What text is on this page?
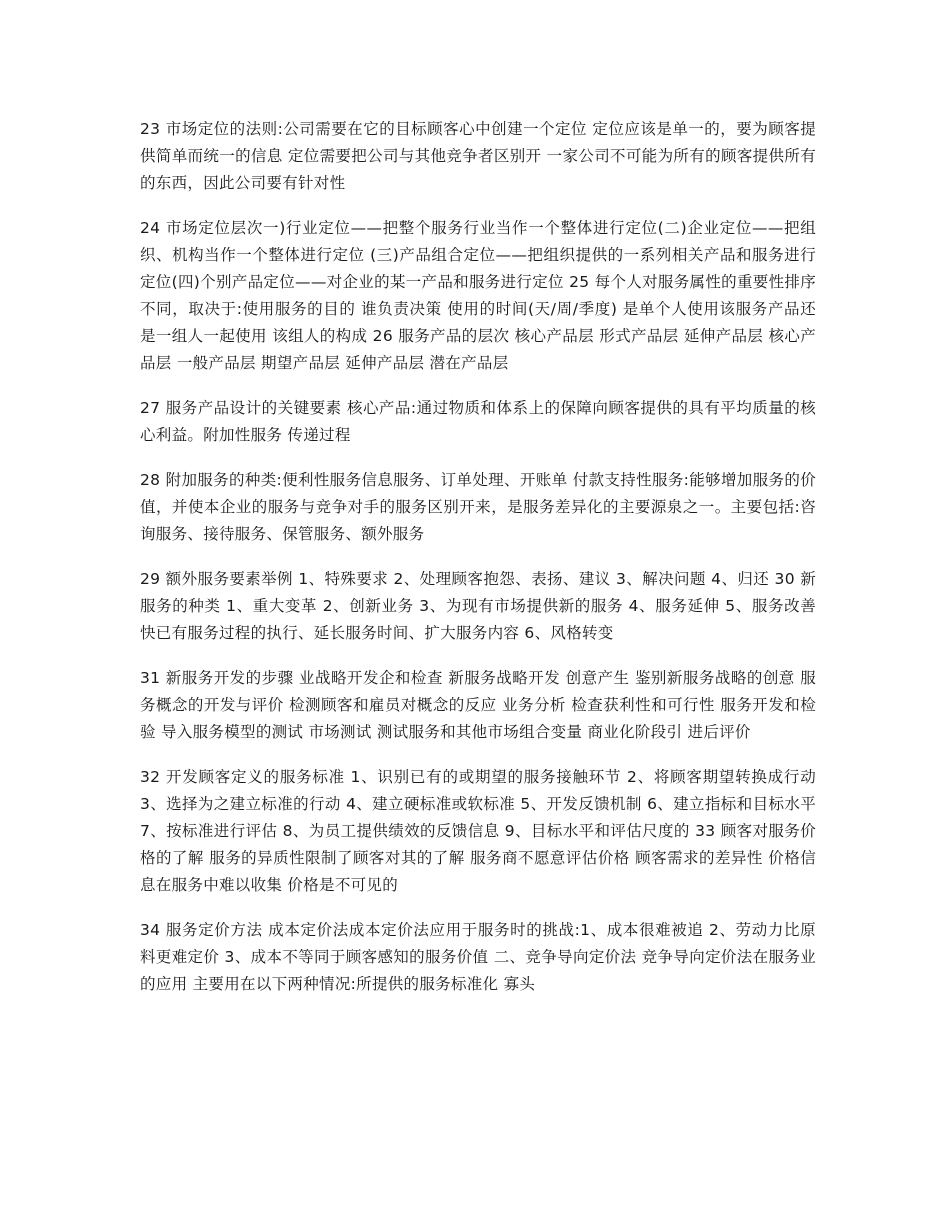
23 市场定位的法则:公司需要在它的目标顾客心中创建一个定位 定位应该是单一的，要为顾客提供简单而统一的信息 定位需要把公司与其他竞争者区别开 一家公司不可能为所有的顾客提供所有的东西，因此公司要有针对性

24 市场定位层次一)行业定位——把整个服务行业当作一个整体进行定位(二)企业定位——把组织、机构当作一个整体进行定位 (三)产品组合定位——把组织提供的一系列相关产品和服务进行定位(四)个别产品定位——对企业的某一产品和服务进行定位 25 每个人对服务属性的重要性排序不同，取决于:使用服务的目的 谁负责决策 使用的时间(天/周/季度) 是单个人使用该服务产品还是一组人一起使用 该组人的构成 26 服务产品的层次 核心产品层 形式产品层 延伸产品层 核心产品层 一般产品层 期望产品层 延伸产品层 潜在产品层

27 服务产品设计的关键要素 核心产品:通过物质和体系上的保障向顾客提供的具有平均质量的核心利益。附加性服务 传递过程

28 附加服务的种类:便利性服务信息服务、订单处理、开账单 付款支持性服务:能够增加服务的价值，并使本企业的服务与竞争对手的服务区别开来，是服务差异化的主要源泉之一。主要包括:咨询服务、接待服务、保管服务、额外服务

29 额外服务要素举例 1、特殊要求 2、处理顾客抱怨、表扬、建议 3、解决问题 4、归还 30 新服务的种类 1、重大变革 2、创新业务 3、为现有市场提供新的服务 4、服务延伸 5、服务改善快已有服务过程的执行、延长服务时间、扩大服务内容 6、风格转变

31 新服务开发的步骤 业战略开发企和检查 新服务战略开发 创意产生 鉴别新服务战略的创意 服务概念的开发与评价 检测顾客和雇员对概念的反应 业务分析 检查获利性和可行性 服务开发和检验 导入服务模型的测试 市场测试 测试服务和其他市场组合变量 商业化阶段引 进后评价

32 开发顾客定义的服务标准 1、识别已有的或期望的服务接触环节 2、将顾客期望转换成行动 3、选择为之建立标准的行动 4、建立硬标准或软标准 5、开发反馈机制 6、建立指标和目标水平 7、按标准进行评估 8、为员工提供绩效的反馈信息 9、目标水平和评估尺度的 33 顾客对服务价格的了解 服务的异质性限制了顾客对其的了解 服务商不愿意评估价格 顾客需求的差异性 价格信息在服务中难以收集 价格是不可见的

34 服务定价方法 成本定价法成本定价法应用于服务时的挑战:1、成本很难被追 2、劳动力比原料更难定价 3、成本不等同于顾客感知的服务价值 二、竞争导向定价法 竞争导向定价法在服务业的应用 主要用在以下两种情况:所提供的服务标准化 寡头
